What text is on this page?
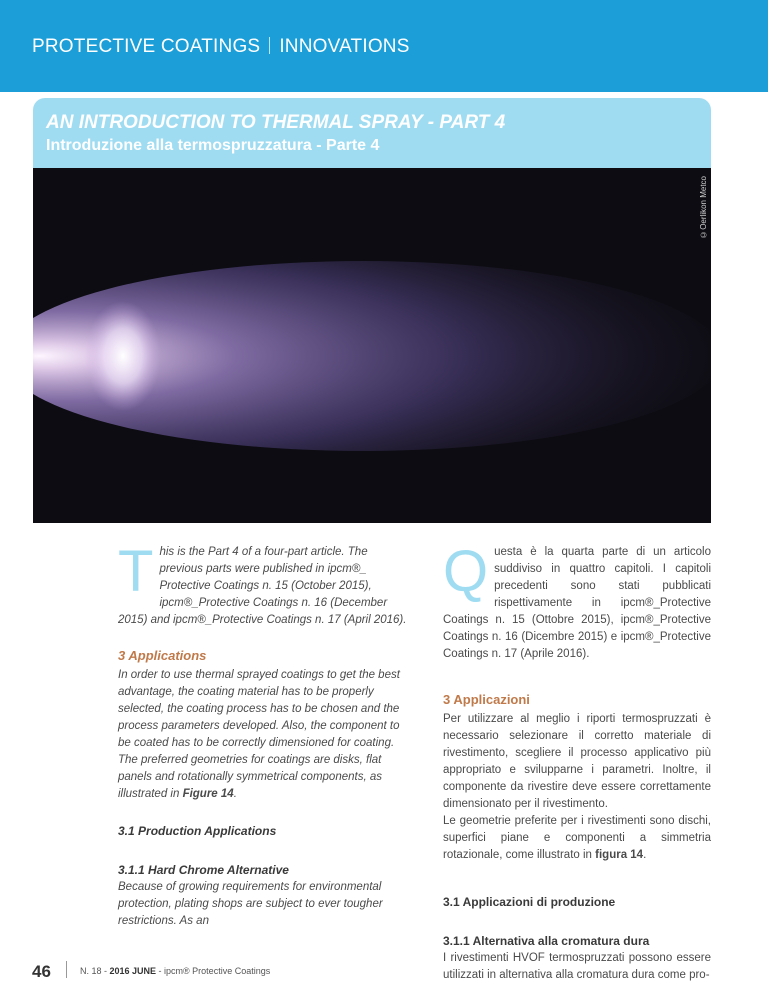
PROTECTIVE COATINGS INNOVATIONS
AN INTRODUCTION TO THERMAL SPRAY - PART 4
Introduzione alla termospruzzatura - Parte 4
©Oerlikon Metco

This is the Part 4 of a four-part article. The previous parts were published in ipcm®_ Protective Coatings n. 15 (October 2015), ipcm®_Protective Coatings n. 16 (December 2015) and ipcm®_Protective Coatings n. 17 (April 2016).

3 Applications

In order to use thermal sprayed coatings to get the best advantage, the coating material has to be properly selected, the coating process has to be chosen and the process parameters developed. Also, the component to be coated has to be correctly dimensioned for coating.

The preferred geometries for coatings are disks, flat panels and rotationally symmetrical components, as illustrated in Figure 14.

3.1 Production Applications

3.1.1 Hard Chrome Alternative

Because of growing requirements for environmental protection, plating shops are subject to ever tougher restrictions. As an

Questa è la quarta parte di un articolo suddiviso in quattro capitoli. I capitoli precedenti sono stati pubblicati rispettivamente in ipcm®_Protective Coatings n. 15 (Ottobre 2015), ipcm®_Protective Coatings n. 16 (Dicembre 2015) e ipcm®_Protective Coatings n. 17 (Aprile 2016).

3 Applicazioni

Per utilizzare al meglio i riporti termospruzzati è necessario selezionare il corretto materiale di rivestimento, scegliere il processo applicativo più appropriato e svilupparne i parametri. Inoltre, il componente da rivestire deve essere correttamente dimensionato per il rivestimento.

Le geometrie preferite per i rivestimenti sono dischi, superfici piane e componenti a simmetria rotazionale, come illustrato in figura 14.

3.1 Applicazioni di produzione

3.1.1 Alternativa alla cromatura dura

I rivestimenti HVOF termospruzzati possono essere utilizzati in alternativa alla cromatura dura come pro-

46	N. 18 - 2016 JUNE - ipcm® Protective Coatings
